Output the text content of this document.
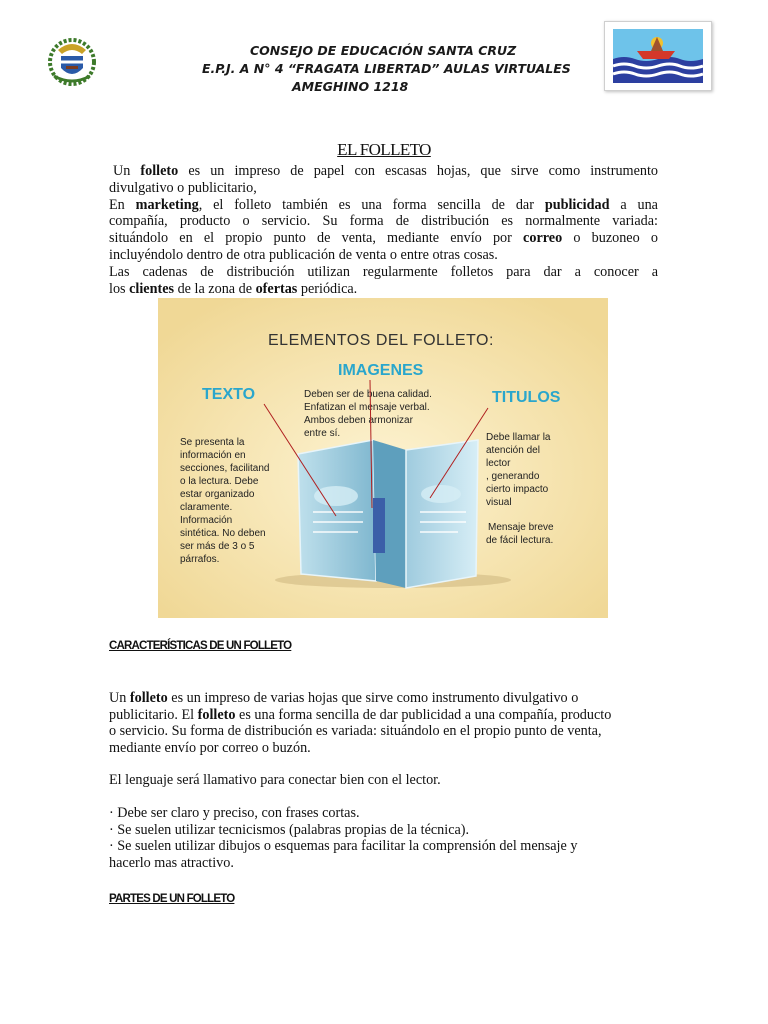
CONSEJO DE EDUCACIÓN SANTA CRUZ
E.P.J. A N° 4 “FRAGATA LIBERTAD” AULAS VIRTUALES
AMEGHINO 1218
EL FOLLETO
Un folleto es un impreso de papel con escasas hojas, que sirve como instrumento
divulgativo o publicitario,
En marketing, el folleto también es una forma sencilla de dar publicidad a una
compañía, producto o servicio. Su forma de distribución es normalmente variada:
situándolo en el propio punto de venta, mediante envío por correo o buzoneo o
incluyéndolo dentro de otra publicación de venta o entre otras cosas.
Las cadenas de distribución utilizan regularmente folletos para dar a conocer a
los clientes de la zona de ofertas periódica.
ELEMENTOS DEL FOLLETO:
IMAGENES
TEXTO	TITULOS
Deben ser de buena calidad.
Enfatizan el mensaje verbal.
Ambos deben armonizar
entre sí.
Se presenta la
información en
secciones, facilitand
o la lectura. Debe
estar organizado
claramente.
Información
sintética. No deben
ser más de 3 o 5
párrafos.
Debe llamar la
atención del
lector
, generando
cierto impacto
visual
Mensaje breve
de fácil lectura.
CARACTERÍSTICAS DE UN FOLLETO
Un folleto es un impreso de varias hojas que sirve como instrumento divulgativo o
publicitario. El folleto es una forma sencilla de dar publicidad a una compañía, producto
o servicio. Su forma de distribución es variada: situándolo en el propio punto de venta,
mediante envío por correo o buzón.
El lenguaje será llamativo para conectar bien con el lector.
· Debe ser claro y preciso, con frases cortas.
· Se suelen utilizar tecnicismos (palabras propias de la técnica).
· Se suelen utilizar dibujos o esquemas para facilitar la comprensión del mensaje y
hacerlo mas atractivo.
PARTES DE UN FOLLETO
